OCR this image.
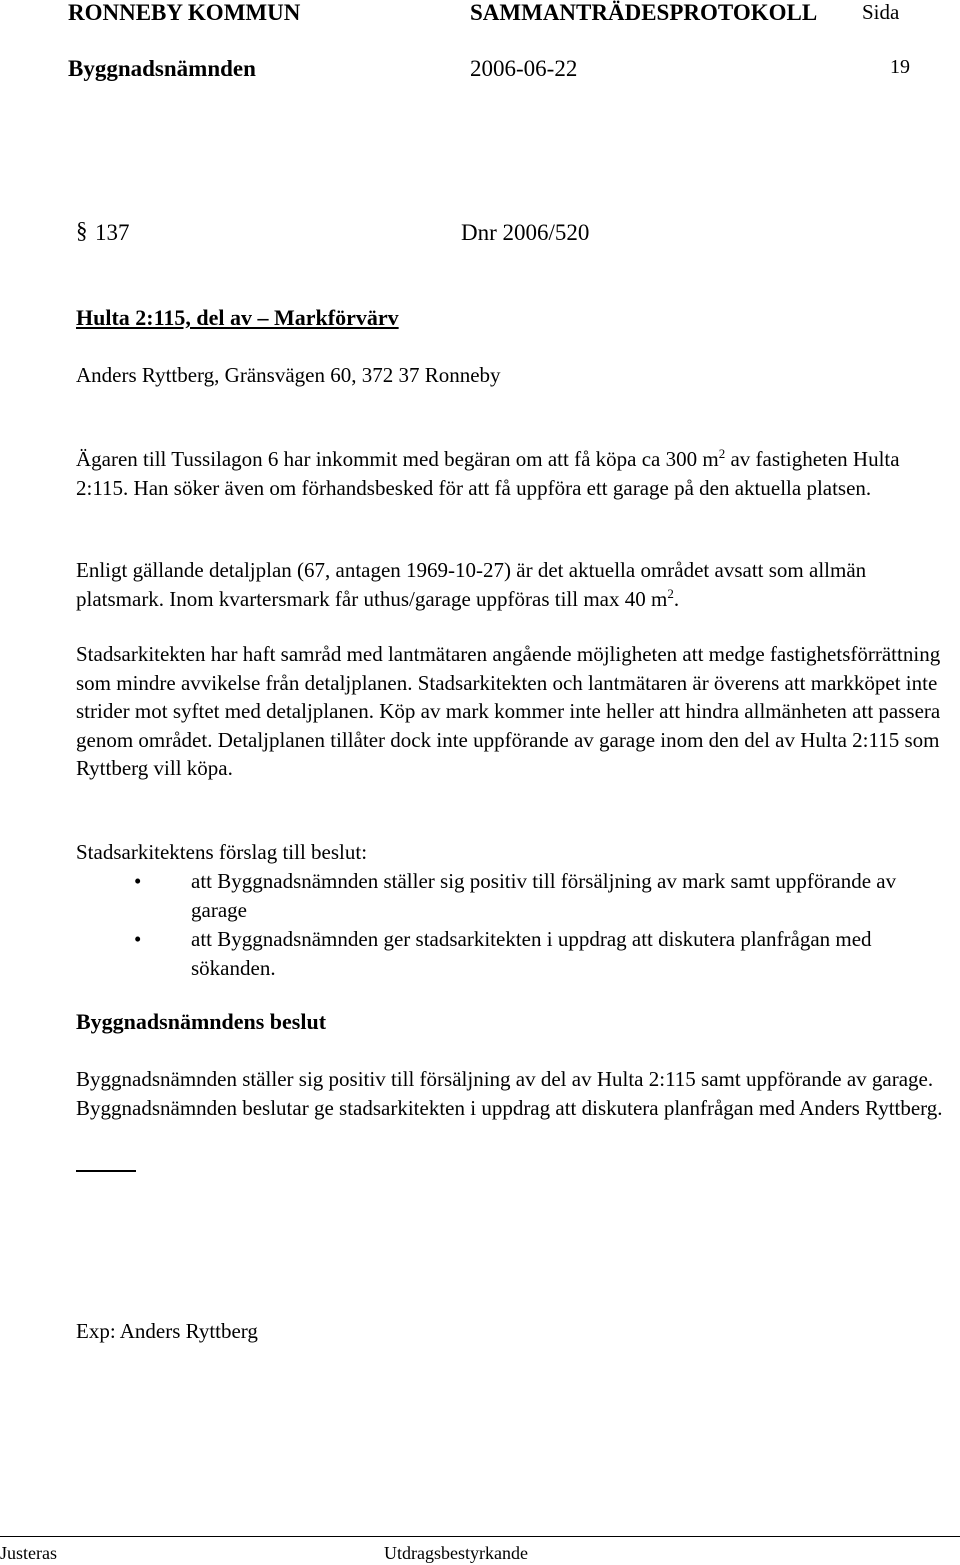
RONNEBY KOMMUN	SAMMANTRÄDESPROTOKOLL Sida
Byggnadsnämnden	2006-06-22	19
§ 137	Dnr 2006/520
Hulta 2:115, del av – Markförvärv
Anders Ryttberg, Gränsvägen 60, 372 37 Ronneby

Ägaren till Tussilagon 6 har inkommit med begäran om att få köpa ca 300 $m^2$ av fastigheten Hulta 2:115. Han söker även om förhandsbesked för att få uppföra ett garage på den aktuella platsen.

Enligt gällande detaljplan (67, antagen 1969-10-27) är det aktuella området avsatt som allmän platsmark. Inom kvartersmark får uthus/garage uppföras till max 40 $m^2$.

Stadsarkitekten har haft samråd med lantmätaren angående möjligheten att medge fastighetsförrättning som mindre avvikelse från detaljplanen. Stadsarkitekten och lantmätaren är överens att markköpet inte strider mot syftet med detaljplanen. Köp av mark kommer inte heller att hindra allmänheten att passera genom området. Detaljplanen tillåter dock inte uppförande av garage inom den del av Hulta 2:115 som Ryttberg vill köpa.

Stadsarkitektens förslag till beslut:
• att Byggnadsnämnden ställer sig positiv till försäljning av mark samt uppförande av garage
• att Byggnadsnämnden ger stadsarkitekten i uppdrag att diskutera planfrågan med sökanden.
Byggnadsnämndens beslut

Byggnadsnämnden ställer sig positiv till försäljning av del av Hulta 2:115 samt uppförande av garage. Byggnadsnämnden beslutar ge stadsarkitekten i uppdrag att diskutera planfrågan med Anders Ryttberg.

Exp: Anders Ryttberg
Justeras	Utdragsbestyrkande
